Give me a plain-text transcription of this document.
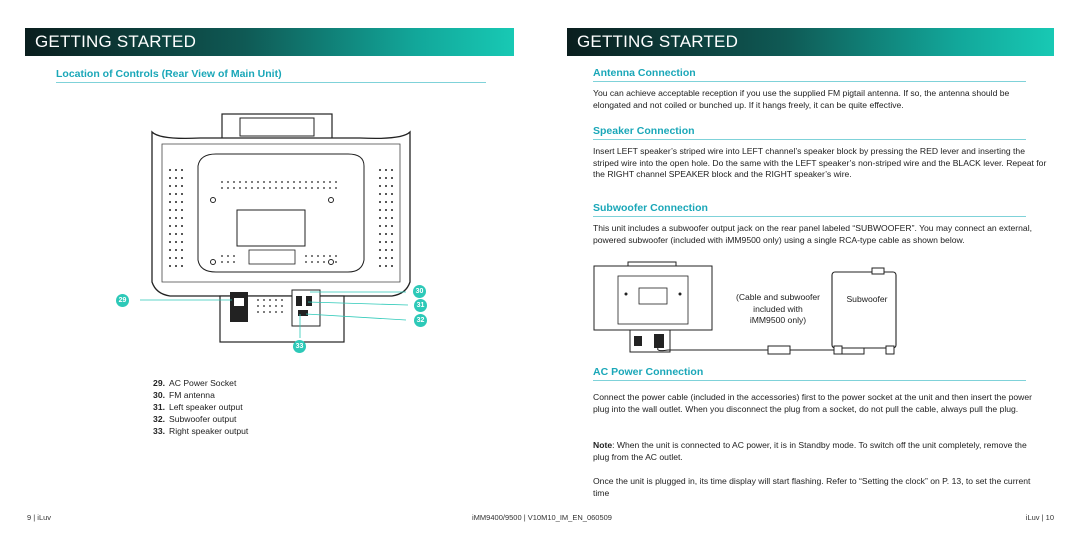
GETTING STARTED
Location of Controls (Rear View of Main Unit)
29
30
31
32
33
29. AC Power Socket
30. FM antenna
31. Left speaker output
32. Subwoofer output
33. Right speaker output
9 | iLuv
GETTING STARTED
Antenna Connection
You can achieve acceptable reception if you use the supplied FM pigtail antenna. If so, the antenna should be elongated and not coiled or bunched up. If it hangs freely, it can be quite effective.
Speaker Connection
Insert LEFT speaker’s striped wire into LEFT channel’s speaker block by pressing the RED lever and inserting the striped wire into the open hole. Do the same with the LEFT speaker’s non-striped wire and the BLACK lever. Repeat for the RIGHT channel SPEAKER block and the RIGHT speaker’s wire.
Subwoofer Connection
This unit includes a subwoofer output jack on the rear panel labeled “SUBWOOFER”. You may connect an external, powered subwoofer (included with iMM9500 only) using a single RCA-type cable as shown below.
(Cable and subwoofer
included with
iMM9500 only)
Subwoofer
AC Power Connection
Connect the power cable (included in the accessories) first to the power socket at the unit and then insert the power plug into the wall outlet. When you disconnect the plug from a socket, do not pull the cable, always pull the plug.
Note: When the unit is connected to AC power, it is in Standby mode. To switch off the unit completely, remove the plug from the AC outlet.
Once the unit is plugged in, its time display will start flashing. Refer to “Setting the clock” on P. 13, to set the current time
iMM9400/9500 | V10M10_IM_EN_060509	iLuv | 10
